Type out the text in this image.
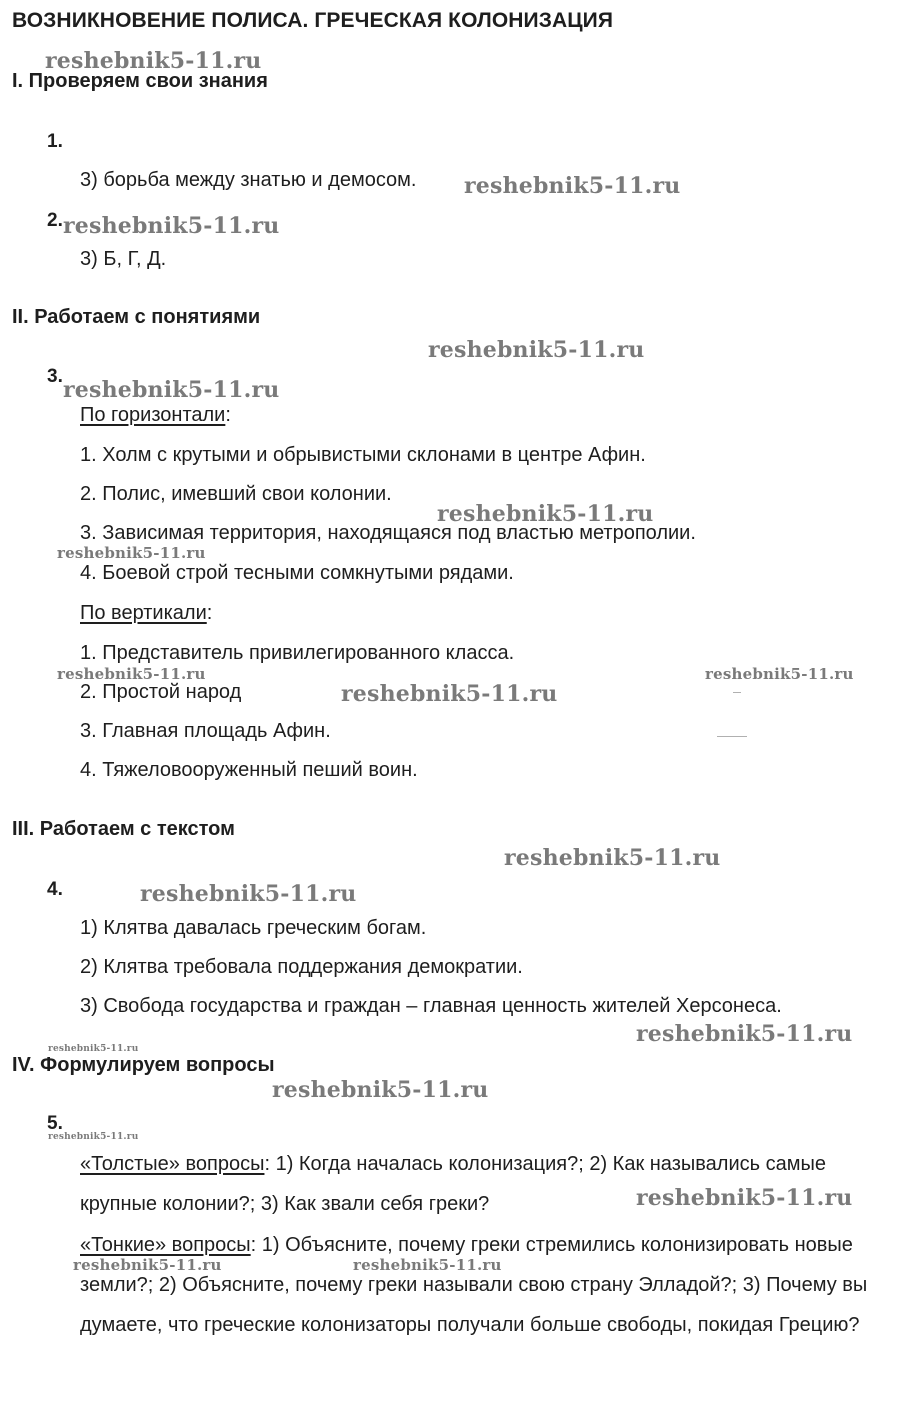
ВОЗНИКНОВЕНИЕ ПОЛИСА. ГРЕЧЕСКАЯ КОЛОНИЗАЦИЯ
I. Проверяем свои знания
1.
3) борьба между знатью и демосом.
2.
3) Б, Г, Д.
II. Работаем с понятиями
3.
По горизонтали:
1. Холм с крутыми и обрывистыми склонами в центре Афин.
2. Полис, имевший свои колонии.
3. Зависимая территория, находящаяся под властью метрополии.
4. Боевой строй тесными сомкнутыми рядами.
По вертикали:
1. Представитель привилегированного класса.
2. Простой народ
3. Главная площадь Афин.
4. Тяжеловооруженный пеший воин.
III. Работаем с текстом
4.
1) Клятва давалась греческим богам.
2) Клятва требовала поддержания демократии.
3) Свобода государства и граждан – главная ценность жителей Херсонеса.
IV. Формулируем вопросы
5.
«Толстые» вопросы: 1) Когда началась колонизация?; 2) Как назывались самые крупные колонии?; 3) Как звали себя греки?
«Тонкие» вопросы: 1) Объясните, почему греки стремились колонизировать новые земли?; 2) Объясните, почему греки называли свою страну Элладой?; 3) Почему вы думаете, что греческие колонизаторы получали больше свободы, покидая Грецию?
reshebnik5-11.ru
reshebnik5-11.ru
reshebnik5-11.ru
reshebnik5-11.ru
reshebnik5-11.ru
reshebnik5-11.ru
reshebnik5-11.ru
reshebnik5-11.ru	reshebnik5-11.ru
reshebnik5-11.ru
reshebnik5-11.ru
reshebnik5-11.ru
reshebnik5-11.ru
reshebnik5-11.ru
reshebnik5-11.ru
reshebnik5-11.ru
reshebnik5-11.ru
reshebnik5-11.ru	reshebnik5-11.ru
